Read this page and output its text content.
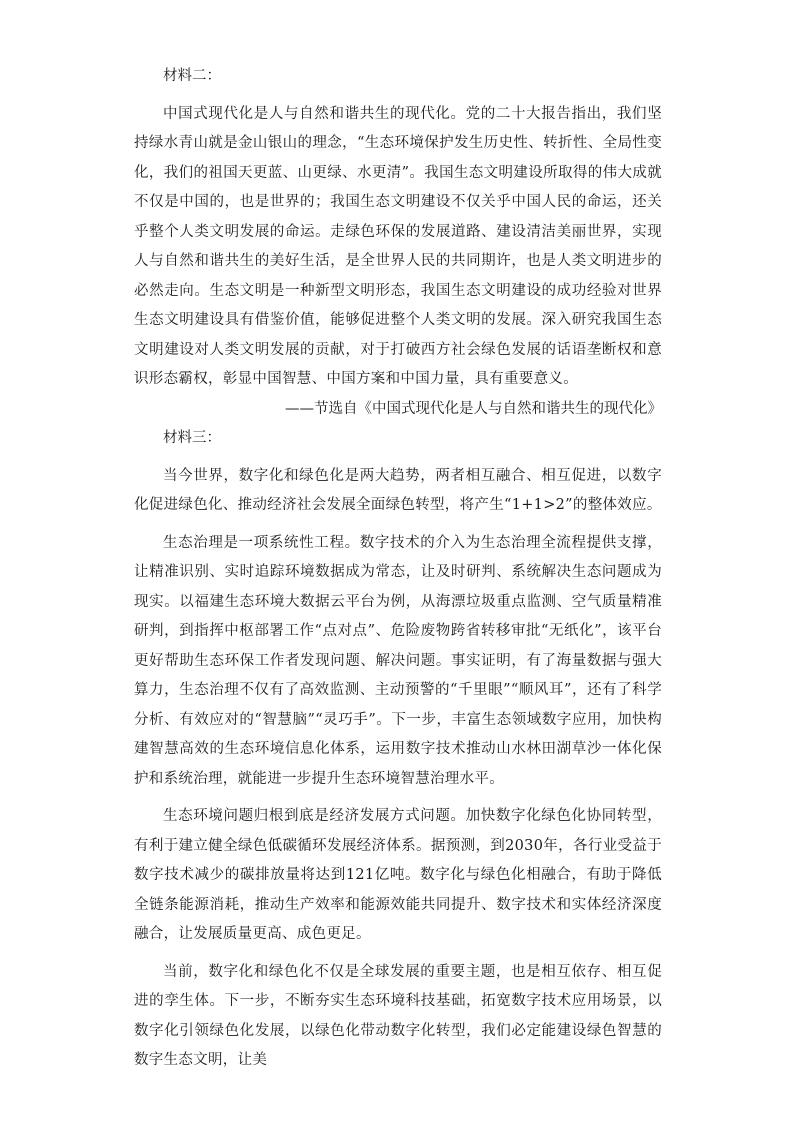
材料二：

中国式现代化是人与自然和谐共生的现代化。党的二十大报告指出，我们坚持绿水青山就是金山银山的理念，“生态环境保护发生历史性、转折性、全局性变化，我们的祖国天更蓝、山更绿、水更清”。我国生态文明建设所取得的伟大成就不仅是中国的，也是世界的；我国生态文明建设不仅关乎中国人民的命运，还关乎整个人类文明发展的命运。走绿色环保的发展道路、建设清洁美丽世界，实现人与自然和谐共生的美好生活，是全世界人民的共同期许，也是人类文明进步的必然走向。生态文明是一种新型文明形态，我国生态文明建设的成功经验对世界生态文明建设具有借鉴价值，能够促进整个人类文明的发展。深入研究我国生态文明建设对人类文明发展的贡献，对于打破西方社会绿色发展的话语垄断权和意识形态霸权，彰显中国智慧、中国方案和中国力量，具有重要意义。

——节选自《中国式现代化是人与自然和谐共生的现代化》

材料三：

当今世界，数字化和绿色化是两大趋势，两者相互融合、相互促进，以数字化促进绿色化、推动经济社会发展全面绿色转型，将产生“1+1>2”的整体效应。

生态治理是一项系统性工程。数字技术的介入为生态治理全流程提供支撑，让精准识别、实时追踪环境数据成为常态，让及时研判、系统解决生态问题成为现实。以福建生态环境大数据云平台为例，从海漂垃圾重点监测、空气质量精准研判，到指挥中枢部署工作“点对点”、危险废物跨省转移审批“无纸化”，该平台更好帮助生态环保工作者发现问题、解决问题。事实证明，有了海量数据与强大算力，生态治理不仅有了高效监测、主动预警的“千里眼”“顺风耳”，还有了科学分析、有效应对的“智慧脑”“灵巧手”。下一步，丰富生态领域数字应用，加快构建智慧高效的生态环境信息化体系，运用数字技术推动山水林田湖草沙一体化保护和系统治理，就能进一步提升生态环境智慧治理水平。

生态环境问题归根到底是经济发展方式问题。加快数字化绿色化协同转型，有利于建立健全绿色低碳循环发展经济体系。据预测，到2030年，各行业受益于数字技术减少的碳排放量将达到121亿吨。数字化与绿色化相融合，有助于降低全链条能源消耗，推动生产效率和能源效能共同提升、数字技术和实体经济深度融合，让发展质量更高、成色更足。

当前，数字化和绿色化不仅是全球发展的重要主题，也是相互依存、相互促进的孪生体。下一步，不断夯实生态环境科技基础，拓宽数字技术应用场景，以数字化引领绿色化发展，以绿色化带动数字化转型，我们必定能建设绿色智慧的数字生态文明，让美
